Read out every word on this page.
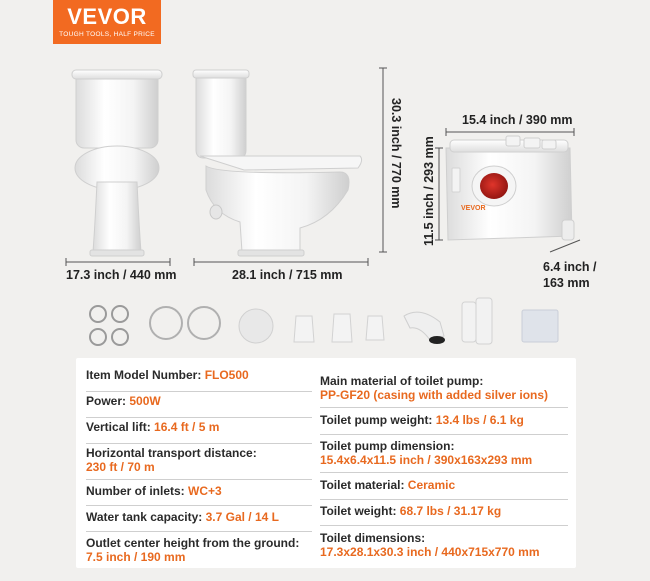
VEVOR
TOUGH TOOLS, HALF PRICE
VEVOR
17.3 inch / 440 mm	28.1 inch / 715 mm
30.3 inch / 770 mm	15.4 inch / 390 mm
11.5 inch / 293 mm
6.4 inch /
163 mm
Item Model Number: FLO500
Power: 500W
Vertical lift: 16.4 ft / 5 m
Horizontal transport distance:
230 ft / 70 m
Number of inlets: WC+3
Water tank capacity: 3.7 Gal / 14 L
Outlet center height from the ground:
7.5 inch / 190 mm
Main material of toilet pump:
PP-GF20 (casing with added silver ions)
Toilet pump weight: 13.4 lbs / 6.1 kg
Toilet pump dimension:
15.4x6.4x11.5 inch / 390x163x293 mm
Toilet material: Ceramic
Toilet weight: 68.7 lbs / 31.17 kg
Toilet dimensions:
17.3x28.1x30.3 inch / 440x715x770 mm
